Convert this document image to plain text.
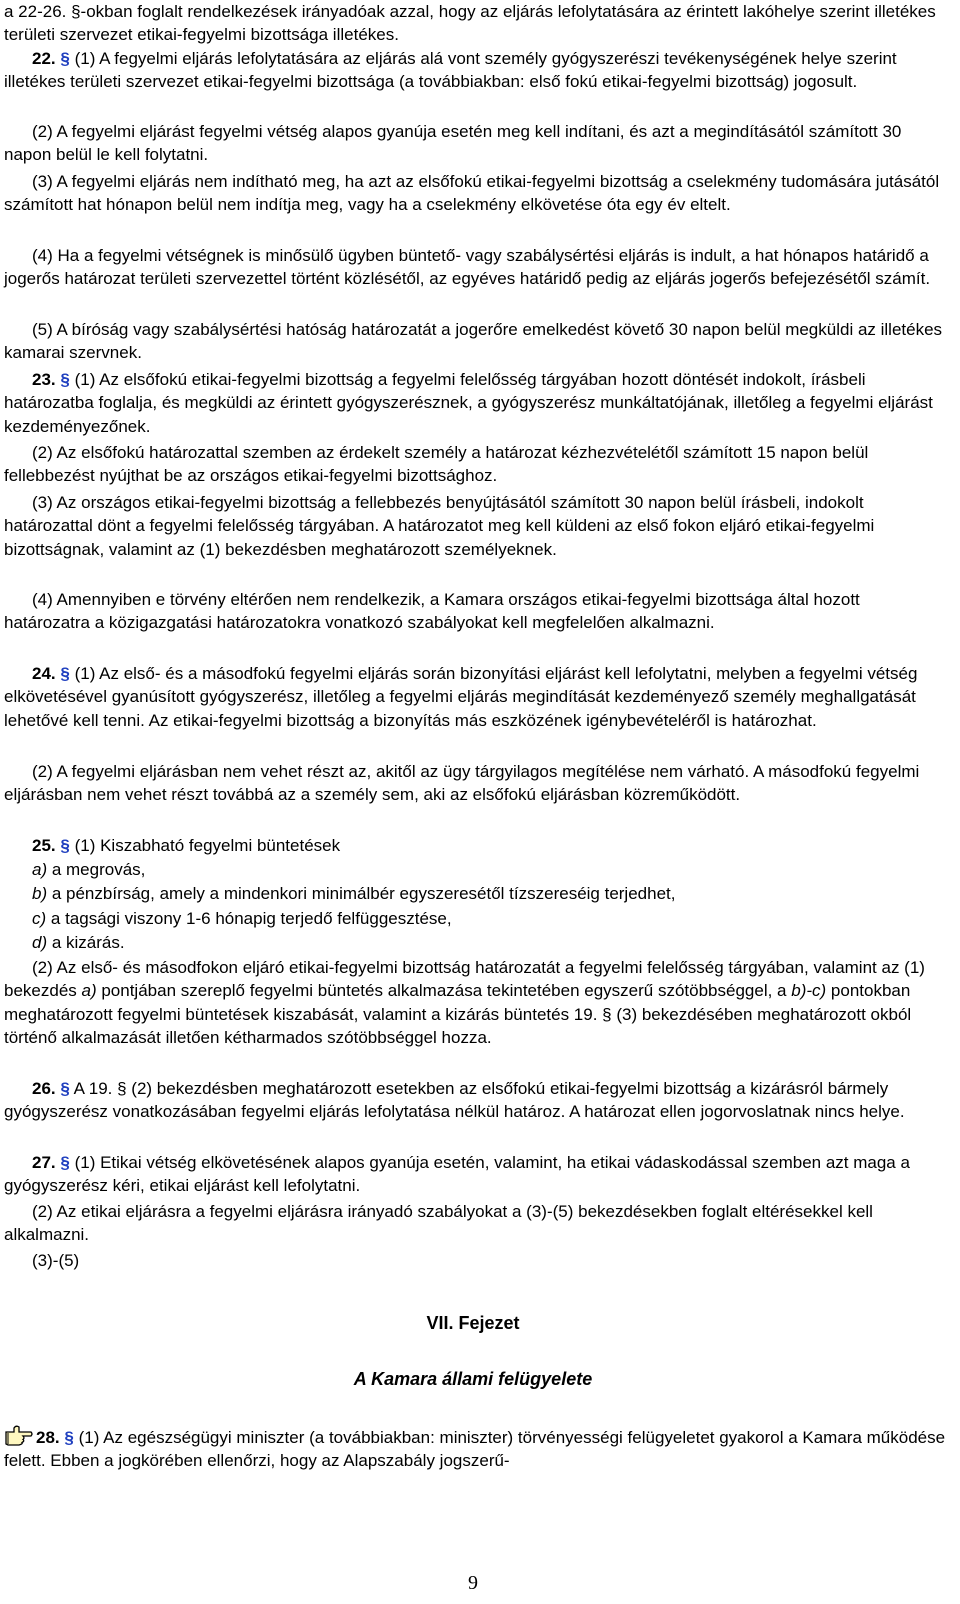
a 22-26. §-okban foglalt rendelkezések irányadóak azzal, hogy az eljárás lefolytatására az érintett lakóhelye szerint illetékes területi szervezet etikai-fegyelmi bizottsága illetékes.

22. § (1) A fegyelmi eljárás lefolytatására az eljárás alá vont személy gyógyszerészi tevékenységének helye szerint illetékes területi szervezet etikai-fegyelmi bizottsága (a továbbiakban: első fokú etikai-fegyelmi bizottság) jogosult.

(2) A fegyelmi eljárást fegyelmi vétség alapos gyanúja esetén meg kell indítani, és azt a megindításától számított 30 napon belül le kell folytatni.

(3) A fegyelmi eljárás nem indítható meg, ha azt az elsőfokú etikai-fegyelmi bizottság a cselekmény tudomására jutásától számított hat hónapon belül nem indítja meg, vagy ha a cselekmény elkövetése óta egy év eltelt.

(4) Ha a fegyelmi vétségnek is minősülő ügyben büntető- vagy szabálysértési eljárás is indult, a hat hónapos határidő a jogerős határozat területi szervezettel történt közlésétől, az egyéves határidő pedig az eljárás jogerős befejezésétől számít.

(5) A bíróság vagy szabálysértési hatóság határozatát a jogerőre emelkedést követő 30 napon belül megküldi az illetékes kamarai szervnek.

23. § (1) Az elsőfokú etikai-fegyelmi bizottság a fegyelmi felelősség tárgyában hozott döntését indokolt, írásbeli határozatba foglalja, és megküldi az érintett gyógyszerésznek, a gyógyszerész munkáltatójának, illetőleg a fegyelmi eljárást kezdeményezőnek.

(2) Az elsőfokú határozattal szemben az érdekelt személy a határozat kézhezvételétől számított 15 napon belül fellebbezést nyújthat be az országos etikai-fegyelmi bizottsághoz.

(3) Az országos etikai-fegyelmi bizottság a fellebbezés benyújtásától számított 30 napon belül írásbeli, indokolt határozattal dönt a fegyelmi felelősség tárgyában. A határozatot meg kell küldeni az első fokon eljáró etikai-fegyelmi bizottságnak, valamint az (1) bekezdésben meghatározott személyeknek.

(4) Amennyiben e törvény eltérően nem rendelkezik, a Kamara országos etikai-fegyelmi bizottsága által hozott határozatra a közigazgatási határozatokra vonatkozó szabályokat kell megfelelően alkalmazni.

24. § (1) Az első- és a másodfokú fegyelmi eljárás során bizonyítási eljárást kell lefolytatni, melyben a fegyelmi vétség elkövetésével gyanúsított gyógyszerész, illetőleg a fegyelmi eljárás megindítását kezdeményező személy meghallgatását lehetővé kell tenni. Az etikai-fegyelmi bizottság a bizonyítás más eszközének igénybevételéről is határozhat.

(2) A fegyelmi eljárásban nem vehet részt az, akitől az ügy tárgyilagos megítélése nem várható. A másodfokú fegyelmi eljárásban nem vehet részt továbbá az a személy sem, aki az elsőfokú eljárásban közreműködött.

25. § (1) Kiszabható fegyelmi büntetések

a) a megrovás,

b) a pénzbírság, amely a mindenkori minimálbér egyszeresétől tízszereséig terjedhet,

c) a tagsági viszony 1-6 hónapig terjedő felfüggesztése,

d) a kizárás.

(2) Az első- és másodfokon eljáró etikai-fegyelmi bizottság határozatát a fegyelmi felelősség tárgyában, valamint az (1) bekezdés a) pontjában szereplő fegyelmi büntetés alkalmazása tekintetében egyszerű szótöbbséggel, a b)-c) pontokban meghatározott fegyelmi büntetések kiszabását, valamint a kizárás büntetés 19. § (3) bekezdésében meghatározott okból történő alkalmazását illetően kétharmados szótöbbséggel hozza.

26. § A 19. § (2) bekezdésben meghatározott esetekben az elsőfokú etikai-fegyelmi bizottság a kizárásról bármely gyógyszerész vonatkozásában fegyelmi eljárás lefolytatása nélkül határoz. A határozat ellen jogorvoslatnak nincs helye.

27. § (1) Etikai vétség elkövetésének alapos gyanúja esetén, valamint, ha etikai vádaskodással szemben azt maga a gyógyszerész kéri, etikai eljárást kell lefolytatni.

(2) Az etikai eljárásra a fegyelmi eljárásra irányadó szabályokat a (3)-(5) bekezdésekben foglalt eltérésekkel kell alkalmazni.

(3)-(5)

VII. Fejezet
A Kamara állami felügyelete

28. § (1) Az egészségügyi miniszter (a továbbiakban: miniszter) törvényességi felügyeletet gyakorol a Kamara működése felett. Ebben a jogkörében ellenőrzi, hogy az Alapszabály jogszerű-

9
